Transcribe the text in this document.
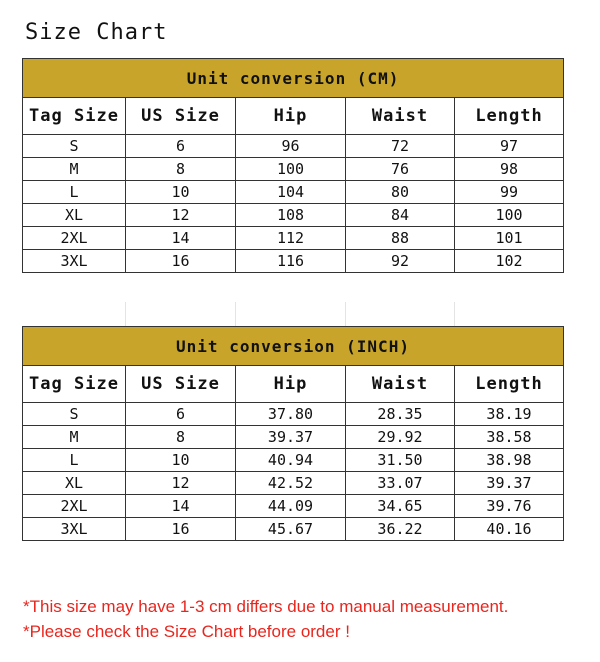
Size Chart
Unit conversion (CM)				
Tag Size	US Size	Hip	Waist	Length
S	6	96	72	97
M	8	100	76	98
L	10	104	80	99
XL	12	108	84	100
2XL	14	112	88	101
3XL	16	116	92	102
Unit conversion (INCH)				
Tag Size	US Size	Hip	Waist	Length
S	6	37.80	28.35	38.19
M	8	39.37	29.92	38.58
L	10	40.94	31.50	38.98
XL	12	42.52	33.07	39.37
2XL	14	44.09	34.65	39.76
3XL	16	45.67	36.22	40.16
*This size may have 1-3 cm differs due to manual measurement.
*Please check the Size Chart before order !
